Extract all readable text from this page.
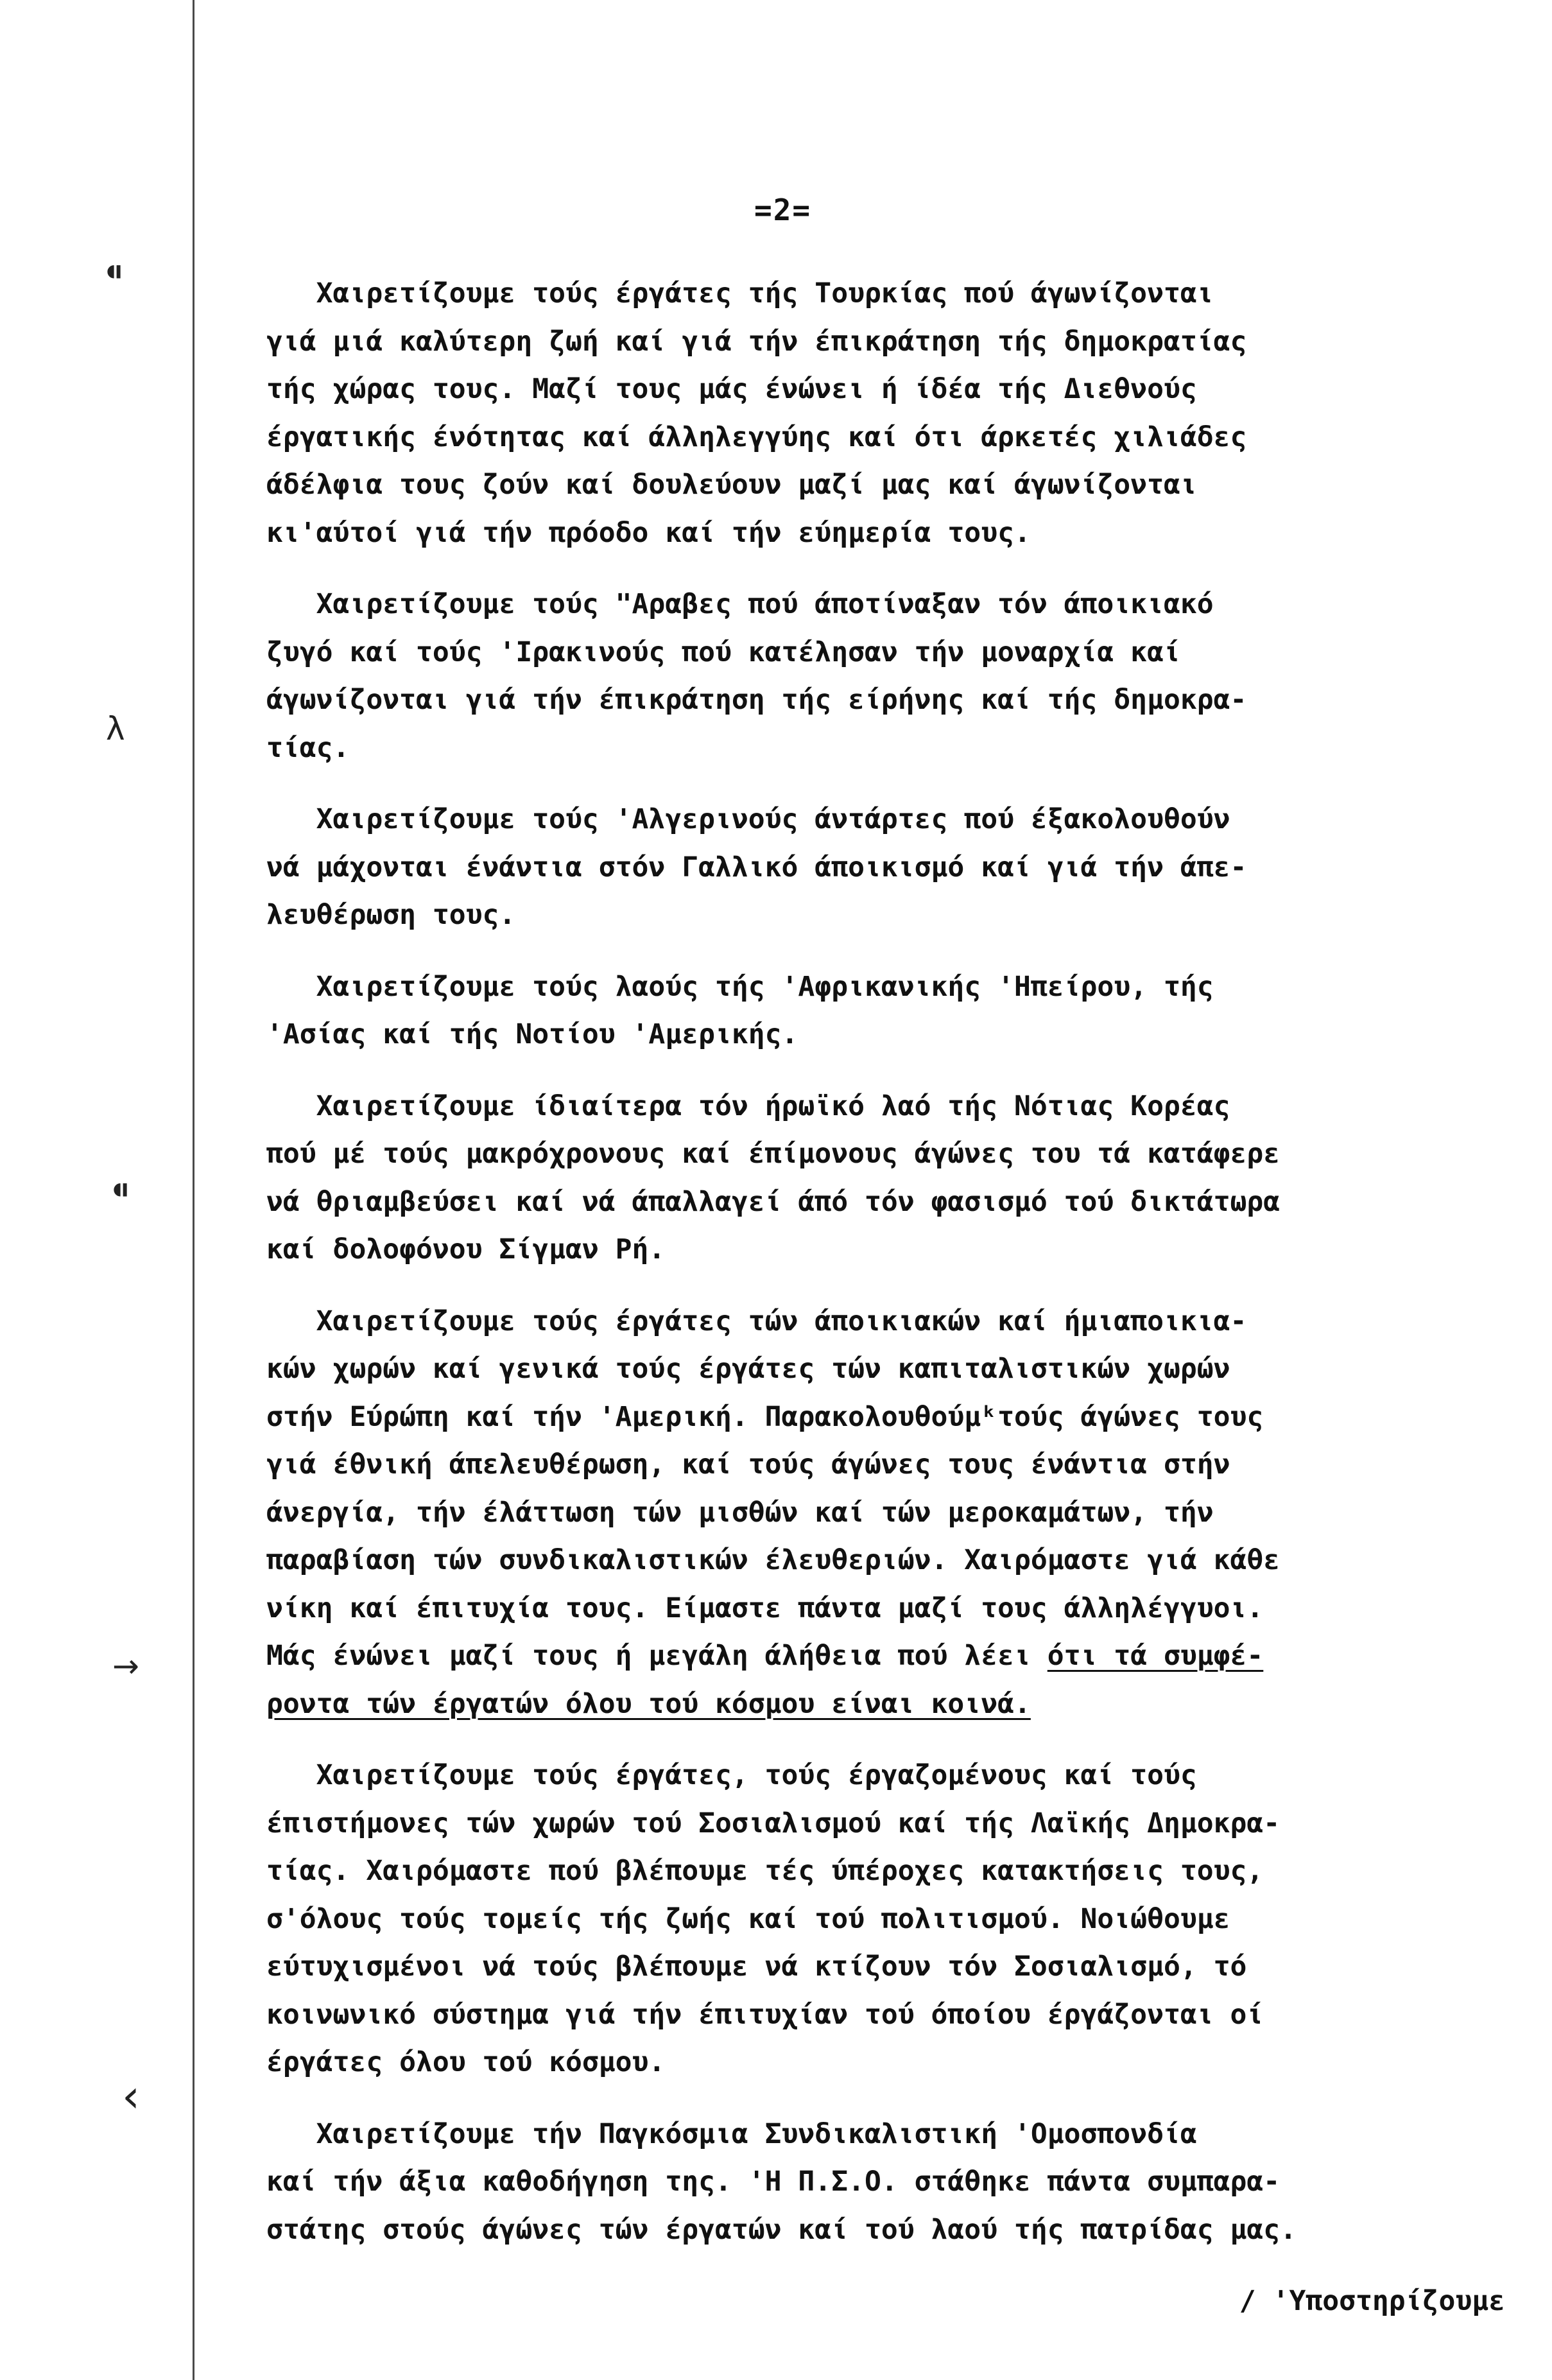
⁌
λ
⁌
→
‹
=2=
Χαιρετίζουμε τούς έργάτες τής Τουρκίας πού άγωνίζονται
γιά μιά καλύτερη ζωή καί γιά τήν έπικράτηση τής δημοκρατίας
τής χώρας τους. Μαζί τους μάς ένώνει ή ίδέα τής Διεθνούς
έργατικής ένότητας καί άλληλεγγύης καί ότι άρκετές χιλιάδες
άδέλφια τους ζούν καί δουλεύουν μαζί μας καί άγωνίζονται
κι'αύτοί γιά τήν πρόοδο καί τήν εύημερία τους.
Χαιρετίζουμε τούς "Αραβες πού άποτίναξαν τόν άποικιακό
ζυγό καί τούς 'Ιρακινούς πού κατέλησαν τήν μοναρχία καί
άγωνίζονται γιά τήν έπικράτηση τής είρήνης καί τής δημοκρα-
τίας.
Χαιρετίζουμε τούς 'Αλγερινούς άντάρτες πού έξακολουθούν
νά μάχονται ένάντια στόν Γαλλικό άποικισμό καί γιά τήν άπε-
λευθέρωση τους.
Χαιρετίζουμε τούς λαούς τής 'Αφρικανικής 'Ηπείρου, τής
'Ασίας καί τής Νοτίου 'Αμερικής.
Χαιρετίζουμε ίδιαίτερα τόν ήρωϊκό λαό τής Νότιας Κορέας
πού μέ τούς μακρόχρονους καί έπίμονους άγώνες του τά κατάφερε
νά θριαμβεύσει καί νά άπαλλαγεί άπό τόν φασισμό τού δικτάτωρα
καί δολοφόνου Σίγμαν Ρή.
Χαιρετίζουμε τούς έργάτες τών άποικιακών καί ήμιαποικια-
κών χωρών καί γενικά τούς έργάτες τών καπιταλιστικών χωρών
στήν Εύρώπη καί τήν 'Αμερική. Παρακολουθούμᵏτούς άγώνες τους
γιά έθνική άπελευθέρωση, καί τούς άγώνες τους ένάντια στήν
άνεργία, τήν έλάττωση τών μισθών καί τών μεροκαμάτων, τήν
παραβίαση τών συνδικαλιστικών έλευθεριών. Χαιρόμαστε γιά κάθε
νίκη καί έπιτυχία τους. Είμαστε πάντα μαζί τους άλληλέγγυοι.
Μάς ένώνει μαζί τους ή μεγάλη άλήθεια πού λέει ότι τά συμφέ-
ροντα τών έργατών όλου τού κόσμου είναι κοινά.
Χαιρετίζουμε τούς έργάτες, τούς έργαζομένους καί τούς
έπιστήμονες τών χωρών τού Σοσιαλισμού καί τής Λαϊκής Δημοκρα-
τίας. Χαιρόμαστε πού βλέπουμε τές ύπέροχες κατακτήσεις τους,
σ'όλους τούς τομείς τής ζωής καί τού πολιτισμού. Νοιώθουμε
εύτυχισμένοι νά τούς βλέπουμε νά κτίζουν τόν Σοσιαλισμό, τό
κοινωνικό σύστημα γιά τήν έπιτυχίαν τού όποίου έργάζονται οί
έργάτες όλου τού κόσμου.
Χαιρετίζουμε τήν Παγκόσμια Συνδικαλιστική 'Ομοσπονδία
καί τήν άξια καθοδήγηση της. 'Η Π.Σ.Ο. στάθηκε πάντα συμπαρα-
στάτης στούς άγώνες τών έργατών καί τού λαού τής πατρίδας μας.
/ 'Υποστηρίζουμε
